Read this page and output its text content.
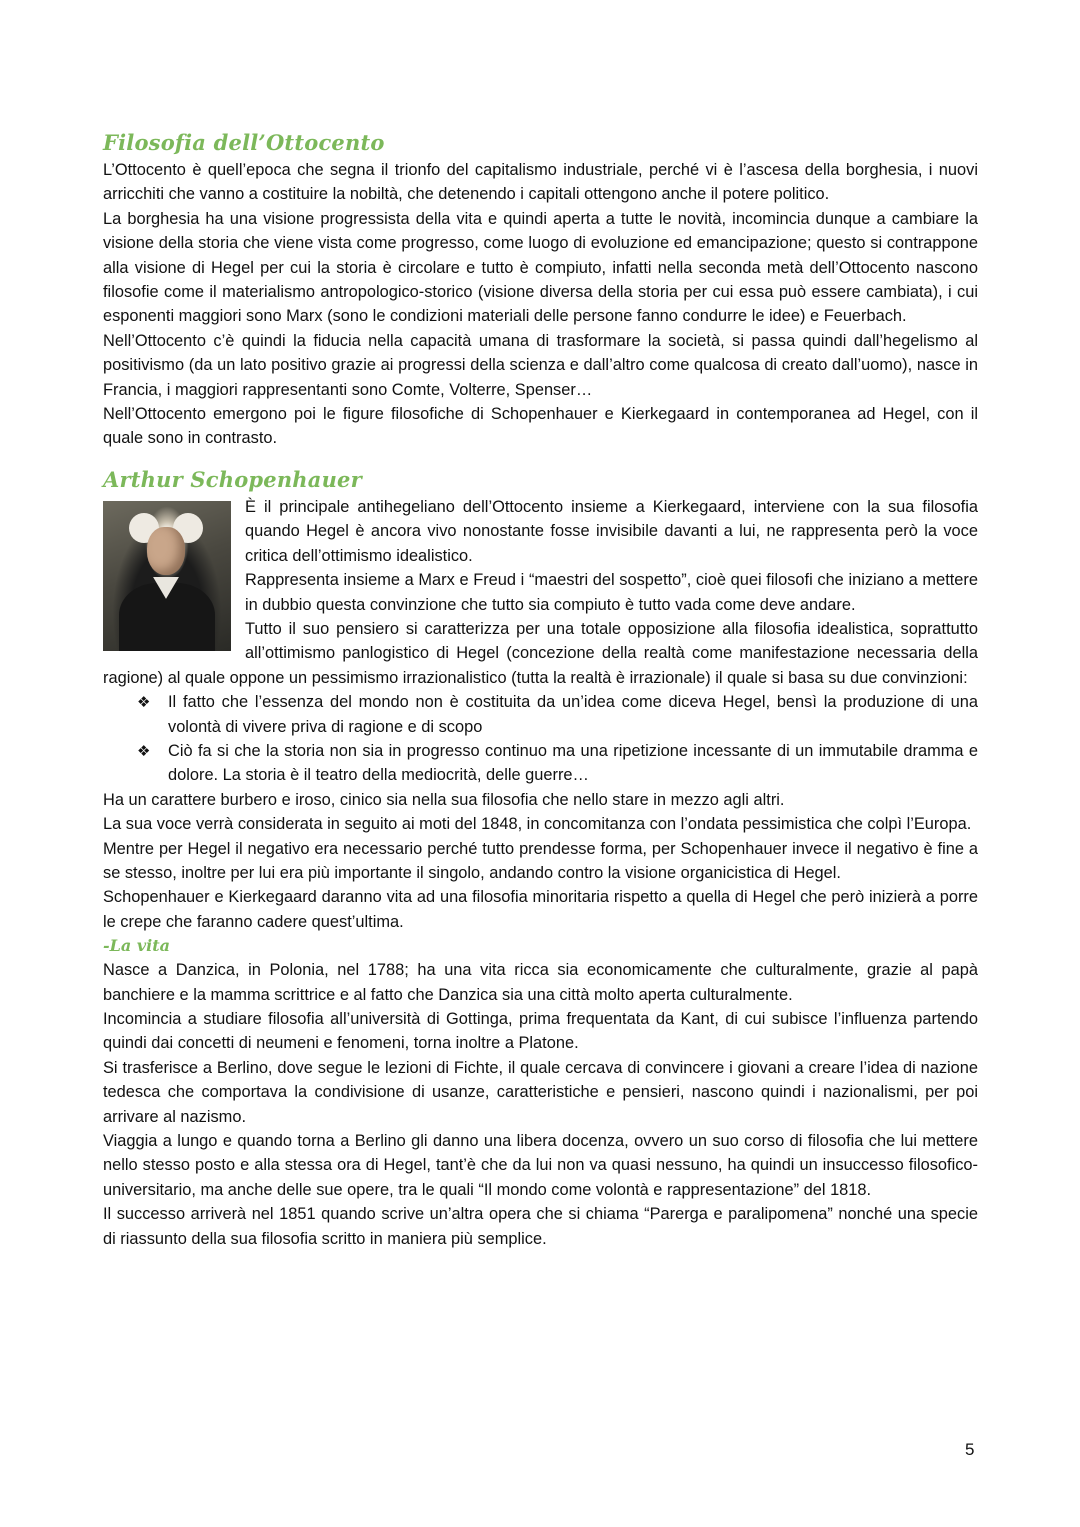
Filosofia dell’Ottocento

L’Ottocento è quell’epoca che segna il trionfo del capitalismo industriale, perché vi è l’ascesa della borghesia, i nuovi arricchiti che vanno a costituire la nobiltà, che detenendo i capitali ottengono anche il potere politico.

La borghesia ha una visione progressista della vita e quindi aperta a tutte le novità, incomincia dunque a cambiare la visione della storia che viene vista come progresso, come luogo di evoluzione ed emancipazione; questo si contrappone alla visione di Hegel per cui la storia è circolare e tutto è compiuto, infatti nella seconda metà dell’Ottocento nascono filosofie come il materialismo antropologico-storico (visione diversa della storia per cui essa può essere cambiata), i cui esponenti maggiori sono Marx (sono le condizioni materiali delle persone fanno condurre le idee) e Feuerbach.

Nell’Ottocento c’è quindi la fiducia nella capacità umana di trasformare la società, si passa quindi dall’hegelismo al positivismo (da un lato positivo grazie ai progressi della scienza e dall’altro come qualcosa di creato dall’uomo), nasce in Francia, i maggiori rappresentanti sono Comte, Volterre, Spenser…

Nell’Ottocento emergono poi le figure filosofiche di Schopenhauer e Kierkegaard in contemporanea ad Hegel, con il quale sono in contrasto.

Arthur Schopenhauer

È il principale antihegeliano dell’Ottocento insieme a Kierkegaard, interviene con la sua filosofia quando Hegel è ancora vivo nonostante fosse invisibile davanti a lui, ne rappresenta però la voce critica dell’ottimismo idealistico.

Rappresenta insieme a Marx e Freud i “maestri del sospetto”, cioè quei filosofi che iniziano a mettere in dubbio questa convinzione che tutto sia compiuto è tutto vada come deve andare.

Tutto il suo pensiero si caratterizza per una totale opposizione alla filosofia idealistica, soprattutto all’ottimismo panlogistico di Hegel (concezione della realtà come manifestazione necessaria della ragione) al quale oppone un pessimismo irrazionalistico (tutta la realtà è irrazionale) il quale si basa su due convinzioni:

❖ Il fatto che l’essenza del mondo non è costituita da un’idea come diceva Hegel, bensì la produzione di una volontà di vivere priva di ragione e di scopo
❖ Ciò fa si che la storia non sia in progresso continuo ma una ripetizione incessante di un immutabile dramma e dolore. La storia è il teatro della mediocrità, delle guerre…

Ha un carattere burbero e iroso, cinico sia nella sua filosofia che nello stare in mezzo agli altri.

La sua voce verrà considerata in seguito ai moti del 1848, in concomitanza con l’ondata pessimistica che colpì l’Europa.

Mentre per Hegel il negativo era necessario perché tutto prendesse forma, per Schopenhauer invece il negativo è fine a se stesso, inoltre per lui era più importante il singolo, andando contro la visione organicistica di Hegel.

Schopenhauer e Kierkegaard daranno vita ad una filosofia minoritaria rispetto a quella di Hegel che però inizierà a porre le crepe che faranno cadere quest’ultima.

-La vita

Nasce a Danzica, in Polonia, nel 1788; ha una vita ricca sia economicamente che culturalmente, grazie al papà banchiere e la mamma scrittrice e al fatto che Danzica sia una città molto aperta culturalmente.

Incomincia a studiare filosofia all’università di Gottinga, prima frequentata da Kant, di cui subisce l’influenza partendo quindi dai concetti di neumeni e fenomeni, torna inoltre a Platone.

Si trasferisce a Berlino, dove segue le lezioni di Fichte, il quale cercava di convincere i giovani a creare l’idea di nazione tedesca che comportava la condivisione di usanze, caratteristiche e pensieri, nascono quindi i nazionalismi, per poi arrivare al nazismo.

Viaggia a lungo e quando torna a Berlino gli danno una libera docenza, ovvero un suo corso di filosofia che lui mettere nello stesso posto e alla stessa ora di Hegel, tant’è che da lui non va quasi nessuno, ha quindi un insuccesso filosofico-universitario, ma anche delle sue opere, tra le quali “Il mondo come volontà e rappresentazione” del 1818.

Il successo arriverà nel 1851 quando scrive un’altra opera che si chiama “Parerga e paralipomena” nonché una specie di riassunto della sua filosofia scritto in maniera più semplice.

5
